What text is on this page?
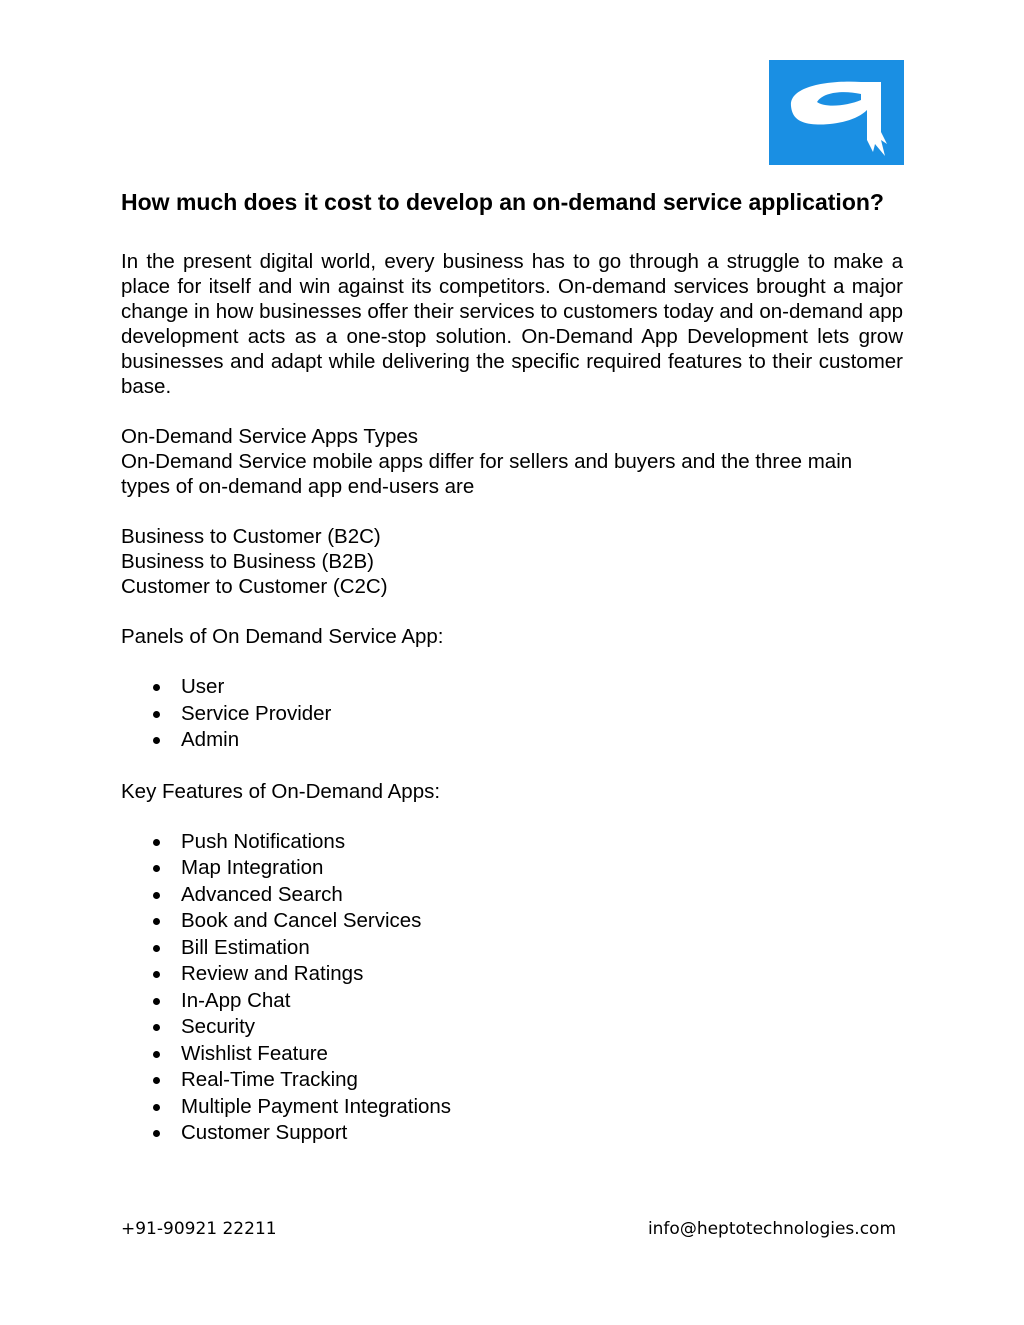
How much does it cost to develop an on-demand service application?

In the present digital world, every business has to go through a struggle to make a place for itself and win against its competitors. On-demand services brought a major change in how businesses offer their services to customers today and on-demand app development acts as a one-stop solution. On-Demand App Development lets grow businesses and adapt while delivering the specific required features to their customer base.

On-Demand Service Apps Types

On-Demand Service mobile apps differ for sellers and buyers and the three main types of on-demand app end-users are

Business to Customer (B2C)

Business to Business (B2B)

Customer to Customer (C2C)

Panels of On Demand Service App:

User
Service Provider
Admin

Key Features of On-Demand Apps:

Push Notifications
Map Integration
Advanced Search
Book and Cancel Services
Bill Estimation
Review and Ratings
In-App Chat
Security
Wishlist Feature
Real-Time Tracking
Multiple Payment Integrations
Customer Support
+91-90921 22211	info@heptotechnologies.com
